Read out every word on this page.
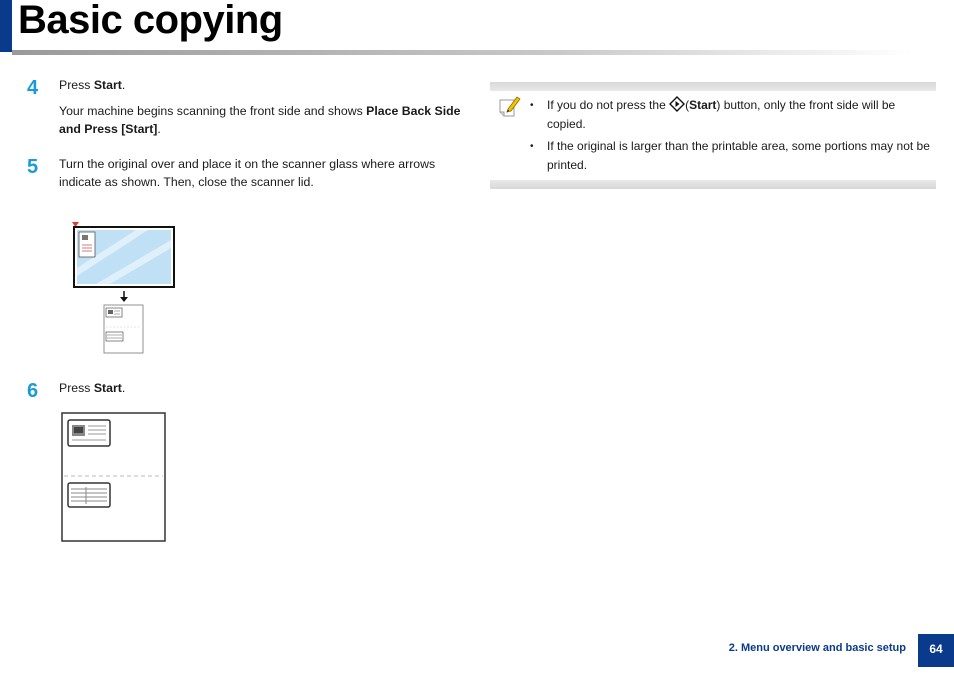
Basic copying
4 Press Start.
Your machine begins scanning the front side and shows Place Back Side and Press [Start].
5 Turn the original over and place it on the scanner glass where arrows indicate as shown. Then, close the scanner lid.
6 Press Start.
• If you do not press the (Start) button, only the front side will be copied.
• If the original is larger than the printable area, some portions may not be printed.
2. Menu overview and basic setup	64
